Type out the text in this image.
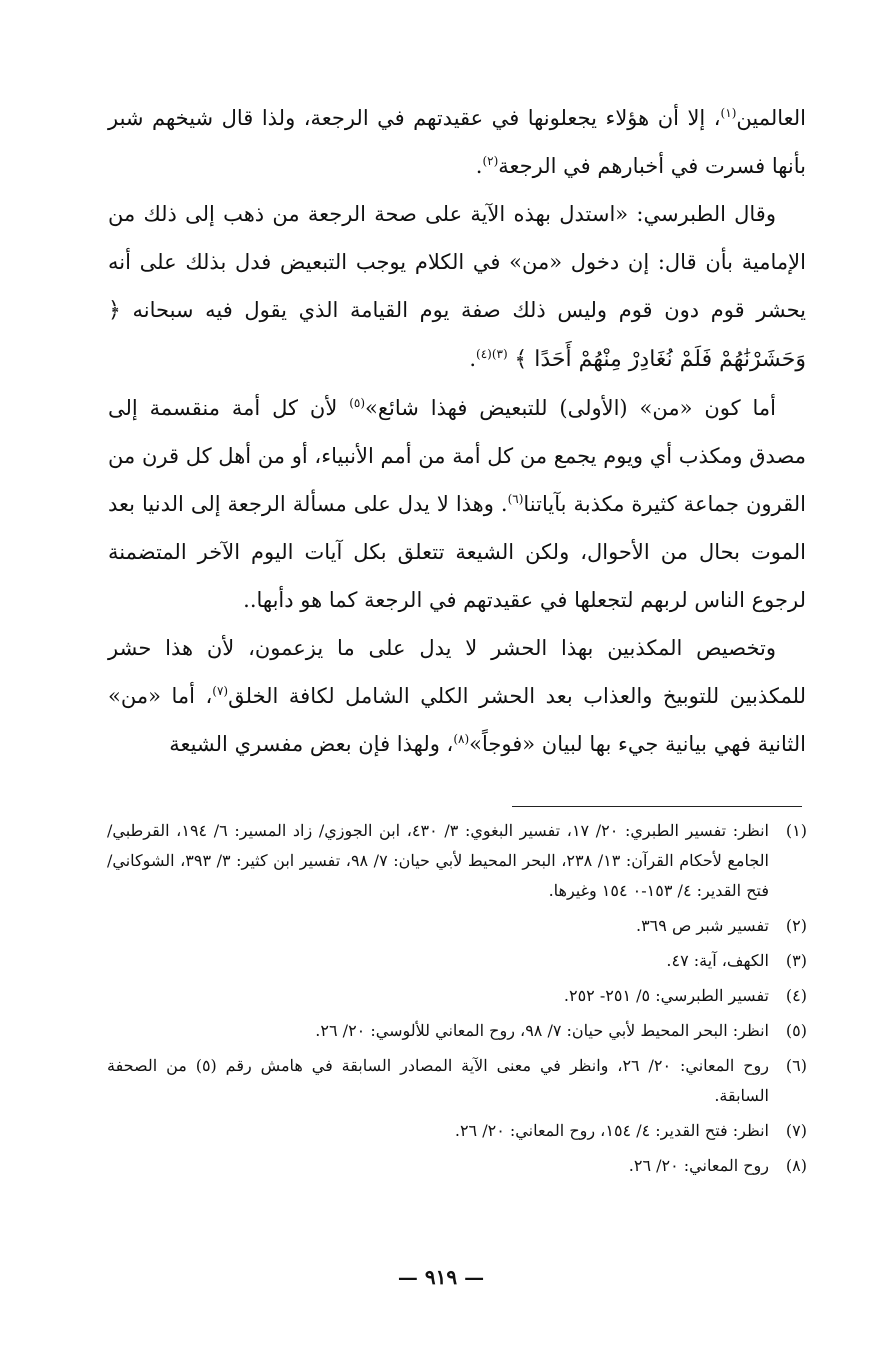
العالمين$^{(١)}$، إلا أن هؤلاء يجعلونها في عقيدتهم في الرجعة، ولذا قال شيخهم شبر بأنها فسرت في أخبارهم في الرجعة$^{(٢)}$.

وقال الطبرسي: «استدل بهذه الآية على صحة الرجعة من ذهب إلى ذلك من الإمامية بأن قال: إن دخول «من» في الكلام يوجب التبعيض فدل بذلك على أنه يحشر قوم دون قوم وليس ذلك صفة يوم القيامة الذي يقول فيه سبحانه ﴿ وَحَشَرْنَٰهُمْ فَلَمْ نُغَادِرْ مِنْهُمْ أَحَدًا ﴾ $^{(٣)(٤)}$.

أما كون «من» (الأولى) للتبعيض فهذا شائع»$^{(٥)}$ لأن كل أمة منقسمة إلى مصدق ومكذب أي ويوم يجمع من كل أمة من أمم الأنبياء، أو من أهل كل قرن من القرون جماعة كثيرة مكذبة بآياتنا$^{(٦)}$. وهذا لا يدل على مسألة الرجعة إلى الدنيا بعد الموت بحال من الأحوال، ولكن الشيعة تتعلق بكل آيات اليوم الآخر المتضمنة لرجوع الناس لربهم لتجعلها في عقيدتهم في الرجعة كما هو دأبها..

وتخصيص المكذبين بهذا الحشر لا يدل على ما يزعمون، لأن هذا حشر للمكذبين للتوبيخ والعذاب بعد الحشر الكلي الشامل لكافة الخلق$^{(٧)}$، أما «من» الثانية فهي بيانية جيء بها لبيان «فوجاً»$^{(٨)}$، ولهذا فإن بعض مفسري الشيعة

(١)
انظر: تفسير الطبري: ٢٠/ ١٧، تفسير البغوي: ٣/ ٤٣٠، ابن الجوزي/ زاد المسير: ٦/ ١٩٤، القرطبي/ الجامع لأحكام القرآن: ١٣/ ٢٣٨، البحر المحيط لأبي حيان: ٧/ ٩٨، تفسير ابن كثير: ٣/ ٣٩٣، الشوكاني/ فتح القدير: ٤/ ١٥٣-٠ ١٥٤ وغيرها.
(٢)
تفسير شبر ص ٣٦٩.
(٣)
الكهف، آية: ٤٧.
(٤)
تفسير الطبرسي: ٥/ ٢٥١- ٢٥٢.
(٥)
انظر: البحر المحيط لأبي حيان: ٧/ ٩٨، روح المعاني للألوسي: ٢٠/ ٢٦.
(٦)
روح المعاني: ٢٠/ ٢٦، وانظر في معنى الآية المصادر السابقة في هامش رقم (٥) من الصحفة السابقة.
(٧)
انظر: فتح القدير: ٤/ ١٥٤، روح المعاني: ٢٠/ ٢٦.
(٨)
روح المعاني: ٢٠/ ٢٦.
— ٩١٩ —
